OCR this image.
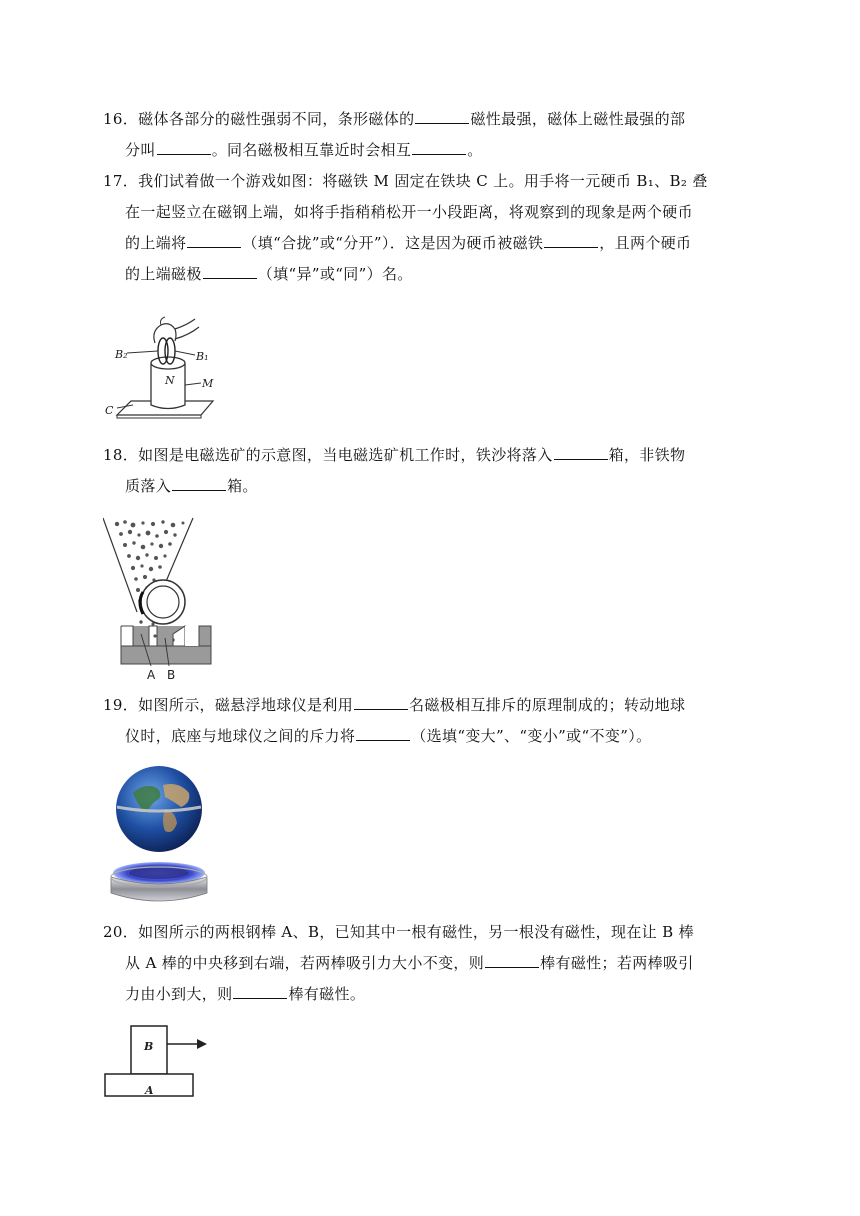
16．磁体各部分的磁性强弱不同，条形磁体的	磁性最强，磁体上磁性最强的部
分叫	。同名磁极相互靠近时会相互	。
17．我们试着做一个游戏如图：将磁铁 M 固定在铁块 C 上。用手将一元硬币 B₁、B₂ 叠
在一起竖立在磁钢上端，如将手指稍稍松开一小段距离，将观察到的现象是两个硬币
的上端将	（填“合拢”或“分开”）．这是因为硬币被磁铁	，且两个硬币
的上端磁极	（填“异”或“同”）名。
B₂	B₁
N M
C
18．如图是电磁选矿的示意图，当电磁选矿机工作时，铁沙将落入	箱，非铁物
质落入	箱。
A B
19．如图所示，磁悬浮地球仪是利用	名磁极相互排斥的原理制成的；转动地球
仪时，底座与地球仪之间的斥力将	（选填“变大”、“变小”或“不变”）。
20．如图所示的两根钢棒 A、B，已知其中一根有磁性，另一根没有磁性，现在让 B 棒
从 A 棒的中央移到右端，若两棒吸引力大小不变，则	棒有磁性；若两棒吸引
力由小到大，则	棒有磁性。
B
A
